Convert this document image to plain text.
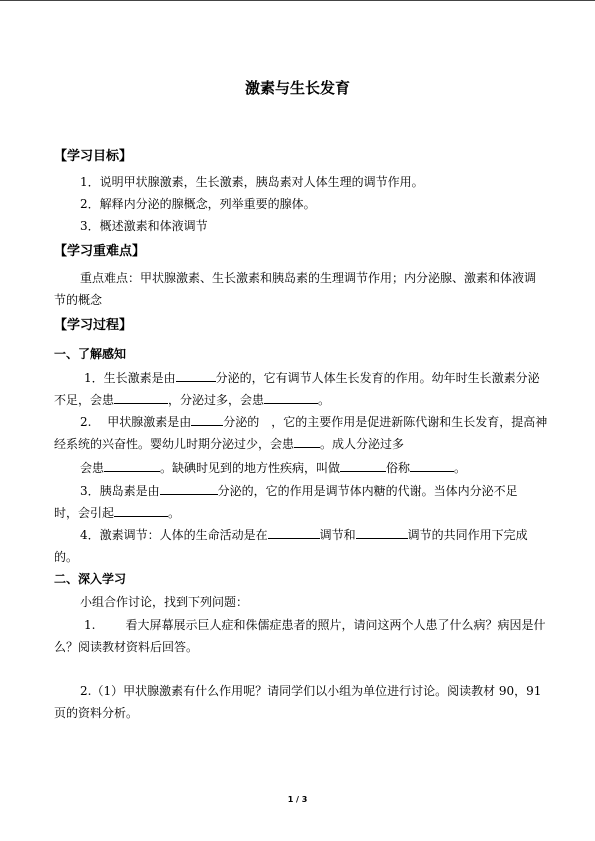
激素与生长发育
【学习目标】
1．说明甲状腺激素，生长激素，胰岛素对人体生理的调节作用。
2．解释内分泌的腺概念，列举重要的腺体。
3．概述激素和体液调节
【学习重难点】
重点难点：甲状腺激素、生长激素和胰岛素的生理调节作用；内分泌腺、激素和体液调
节的概念
【学习过程】
一、了解感知
1．生长激素是由	分泌的，它有调节人体生长发育的作用。幼年时生长激素分泌
不足，会患	，分泌过多，会患	。
2.　 甲状腺激素是由	分泌的　，它的主要作用是促进新陈代谢和生长发育，提高神
经系统的兴奋性。婴幼儿时期分泌过少，会患 。成人分泌过多
会患	。缺碘时见到的地方性疾病，叫做	俗称	。
3．胰岛素是由	分泌的，它的作用是调节体内糖的代谢。当体内分泌不足
时，会引起	。
4．激素调节：人体的生命活动是在	调节和	调节的共同作用下完成
的。
二、深入学习
小组合作讨论，找到下列问题：
1.	看大屏幕展示巨人症和侏儒症患者的照片，请问这两个人患了什么病？病因是什
么？阅读教材资料后回答。
2.（1）甲状腺激素有什么作用呢？请同学们以小组为单位进行讨论。阅读教材 90，91
页的资料分析。
1 / 3
